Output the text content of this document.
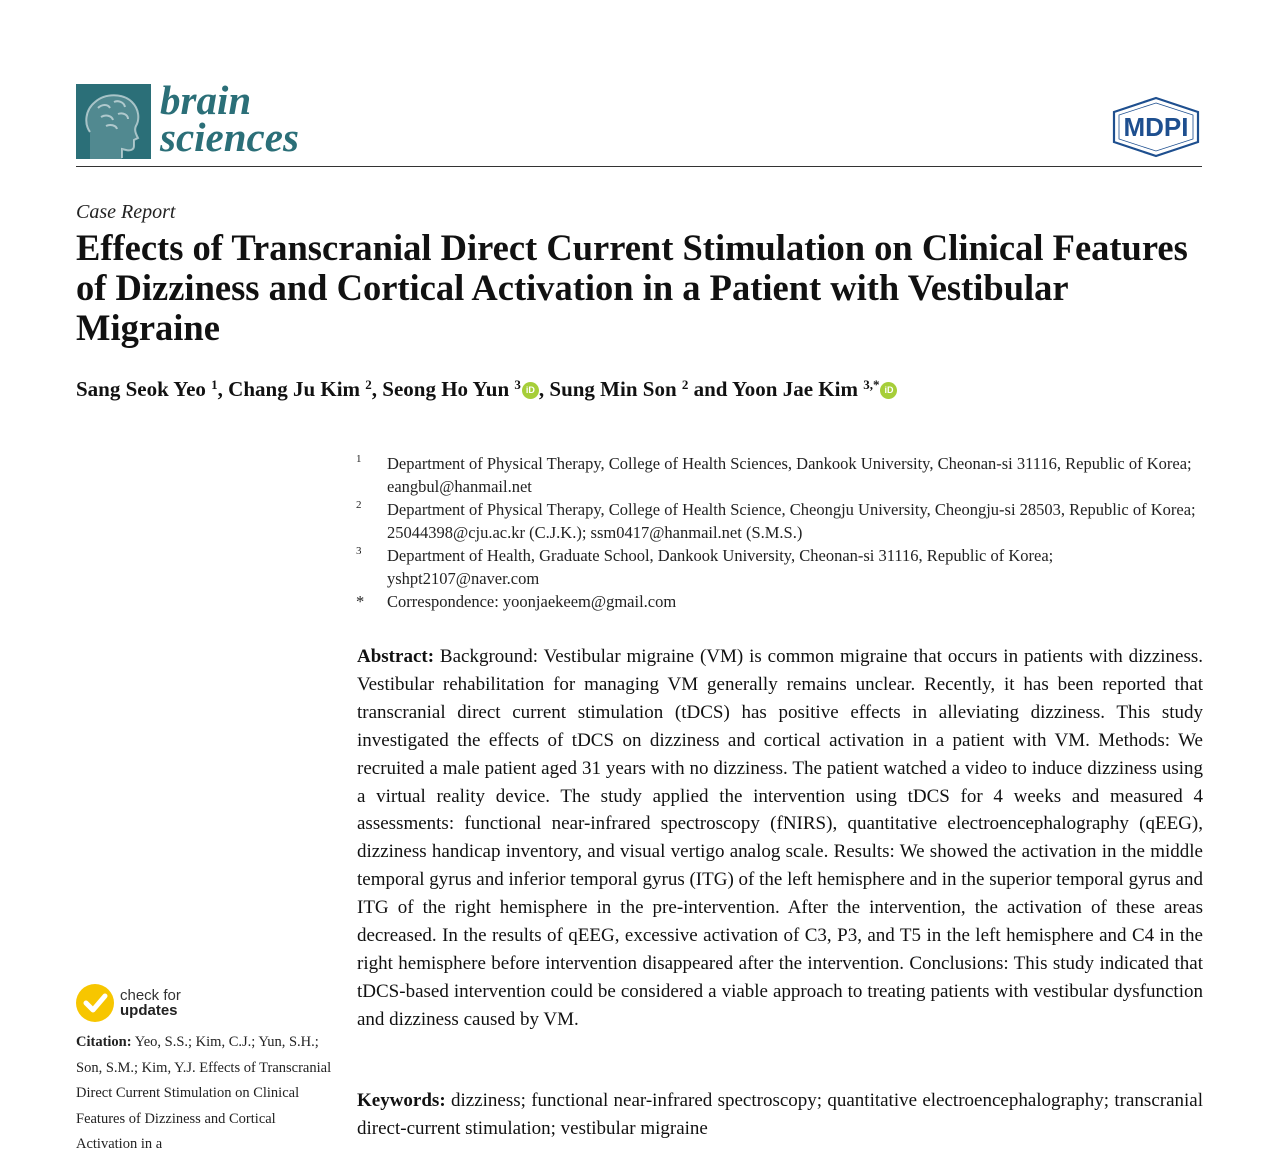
brain
sciences	MDPI
Case Report
Effects of Transcranial Direct Current Stimulation on Clinical Features of Dizziness and Cortical Activation in a Patient with Vestibular Migraine
Sang Seok Yeo $^1$, Chang Ju Kim $^2$, Seong Ho Yun $^3$ iD , Sung Min Son $^2$ and Yoon Jae Kim $^{3,*}$ iD
1 Department of Physical Therapy, College of Health Sciences, Dankook University, Cheonan-si 31116, Republic of Korea; eangbul@hanmail.net
2 Department of Physical Therapy, College of Health Science, Cheongju University, Cheongju-si 28503, Republic of Korea; 25044398@cju.ac.kr (C.J.K.); ssm0417@hanmail.net (S.M.S.)
3 Department of Health, Graduate School, Dankook University, Cheonan-si 31116, Republic of Korea; yshpt2107@naver.com
* Correspondence: yoonjaekeem@gmail.com

Abstract: Background: Vestibular migraine (VM) is common migraine that occurs in patients with dizziness. Vestibular rehabilitation for managing VM generally remains unclear. Recently, it has been reported that transcranial direct current stimulation (tDCS) has positive effects in alleviating dizziness. This study investigated the effects of tDCS on dizziness and cortical activation in a patient with VM. Methods: We recruited a male patient aged 31 years with no dizziness. The patient watched a video to induce dizziness using a virtual reality device. The study applied the intervention using tDCS for 4 weeks and measured 4 assessments: functional near-infrared spectroscopy (fNIRS), quantitative electroencephalography (qEEG), dizziness handicap inventory, and visual vertigo analog scale. Results: We showed the activation in the middle temporal gyrus and inferior temporal gyrus (ITG) of the left hemisphere and in the superior temporal gyrus and ITG of the right hemisphere in the pre-intervention. After the intervention, the activation of these areas decreased. In the results of qEEG, excessive activation of C3, P3, and T5 in the left hemisphere and C4 in the right hemisphere before intervention disappeared after the intervention. Conclusions: This study indicated that tDCS-based intervention could be considered a viable approach to treating patients with vestibular dysfunction and dizziness caused by VM.

Keywords: dizziness; functional near-infrared spectroscopy; quantitative electroencephalography; transcranial direct-current stimulation; vestibular migraine

check for
updates

Citation: Yeo, S.S.; Kim, C.J.; Yun, S.H.; Son, S.M.; Kim, Y.J. Effects of Transcranial Direct Current Stimulation on Clinical Features of Dizziness and Cortical Activation in a
